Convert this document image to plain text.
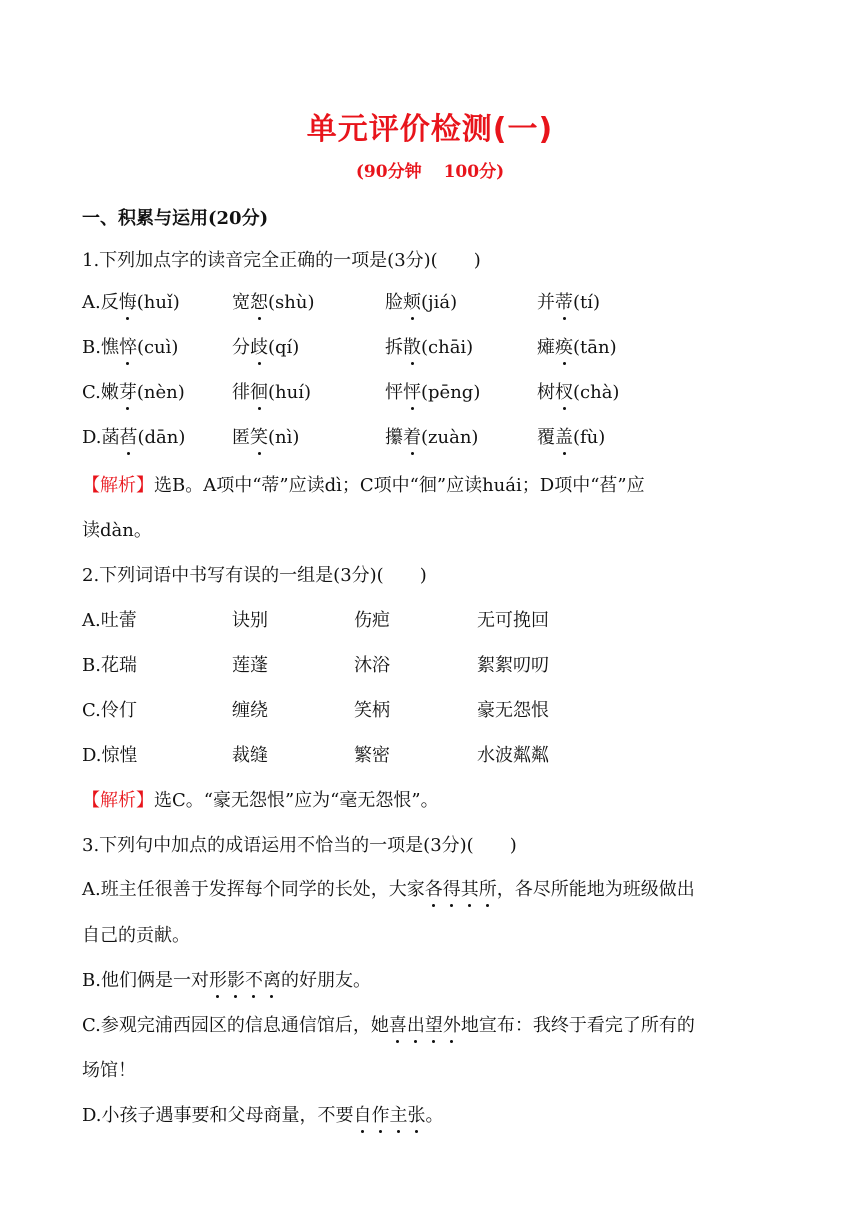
单元评价检测(一)
(90分钟 100分)
一、积累与运用(20分)
1.下列加点字的读音完全正确的一项是(3分)(　　)
A.反悔(huǐ)	宽恕(shù)	脸颊(jiá)	并蒂(tí)
B.憔悴(cuì)	分歧(qí)	拆散(chāi)	瘫痪(tān)
C.嫩芽(nèn)	徘徊(huí)	怦怦(pēng)	树杈(chà)
D.菡萏(dān)	匿笑(nì)	攥着(zuàn)	覆盖(fù)
【解析】选B。A项中“蒂”应读dì；C项中“徊”应读huái；D项中“萏”应
读dàn。
2.下列词语中书写有误的一组是(3分)(　　)
A.吐蕾	诀别	伤疤	无可挽回
B.花瑞	莲蓬	沐浴	絮絮叨叨
C.伶仃	缠绕	笑柄	豪无怨恨
D.惊惶	裁缝	繁密	水波粼粼
【解析】选C。“豪无怨恨”应为“毫无怨恨”。
3.下列句中加点的成语运用不恰当的一项是(3分)(　　)
A.班主任很善于发挥每个同学的长处，大家各得其所，各尽所能地为班级做出
自己的贡献。
B.他们俩是一对形影不离的好朋友。
C.参观完浦西园区的信息通信馆后，她喜出望外地宣布：我终于看完了所有的
场馆！
D.小孩子遇事要和父母商量，不要自作主张。
